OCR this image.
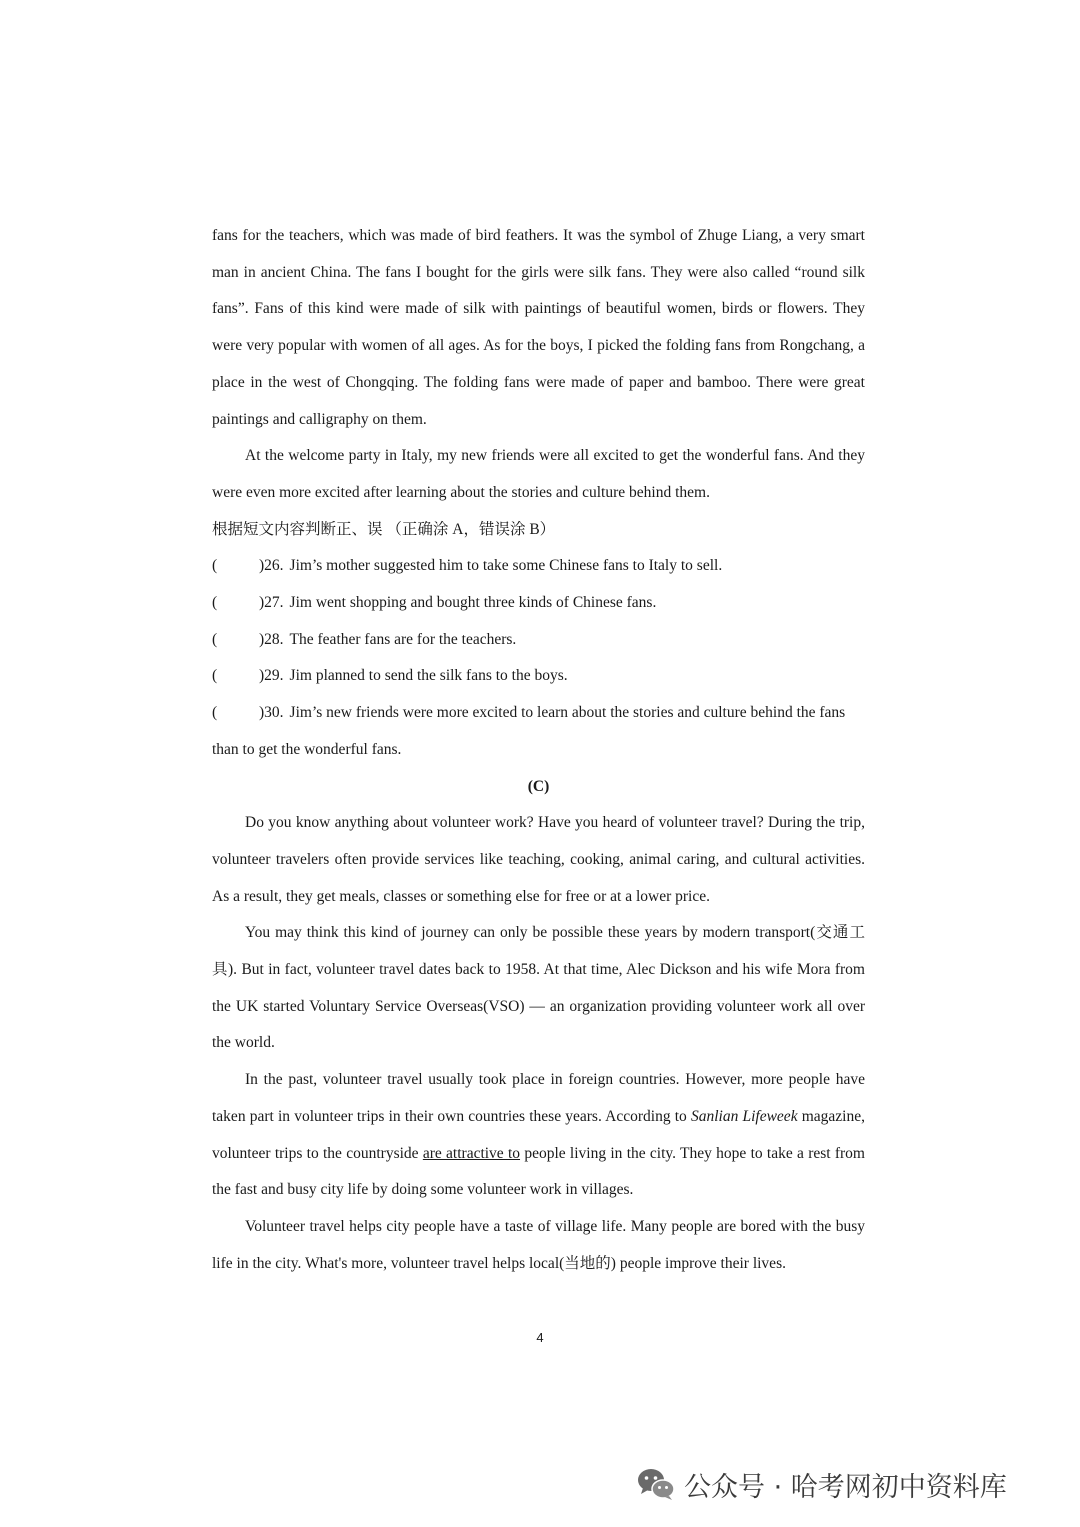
fans for the teachers, which was made of bird feathers. It was the symbol of Zhuge Liang, a very smart man in ancient China. The fans I bought for the girls were silk fans. They were also called “round silk fans”. Fans of this kind were made of silk with paintings of beautiful women, birds or flowers. They were very popular with women of all ages. As for the boys, I picked the folding fans from Rongchang, a place in the west of Chongqing. The folding fans were made of paper and bamboo. There were great paintings and calligraphy on them.

At the welcome party in Italy, my new friends were all excited to get the wonderful fans. And they were even more excited after learning about the stories and culture behind them.

根据短文内容判断正、误 （正确涂 A，错误涂 B）

(	)26. Jim’s mother suggested him to take some Chinese fans to Italy to sell.

(	)27. Jim went shopping and bought three kinds of Chinese fans.

(	)28. The feather fans are for the teachers.

(	)29. Jim planned to send the silk fans to the boys.

(	)30. Jim’s new friends were more excited to learn about the stories and culture behind the fans than to get the wonderful fans.

(C)

Do you know anything about volunteer work? Have you heard of volunteer travel? During the trip, volunteer travelers often provide services like teaching, cooking, animal caring, and cultural activities. As a result, they get meals, classes or something else for free or at a lower price.

You may think this kind of journey can only be possible these years by modern transport(交通工具). But in fact, volunteer travel dates back to 1958. At that time, Alec Dickson and his wife Mora from the UK started Voluntary Service Overseas(VSO) — an organization providing volunteer work all over the world.

In the past, volunteer travel usually took place in foreign countries. However, more people have taken part in volunteer trips in their own countries these years. According to Sanlian Lifeweek magazine, volunteer trips to the countryside are attractive to people living in the city. They hope to take a rest from the fast and busy city life by doing some volunteer work in villages.

Volunteer travel helps city people have a taste of village life. Many people are bored with the busy life in the city. What's more, volunteer travel helps local(当地的) people improve their lives.

4
公众号 · 哈考网初中资料库
